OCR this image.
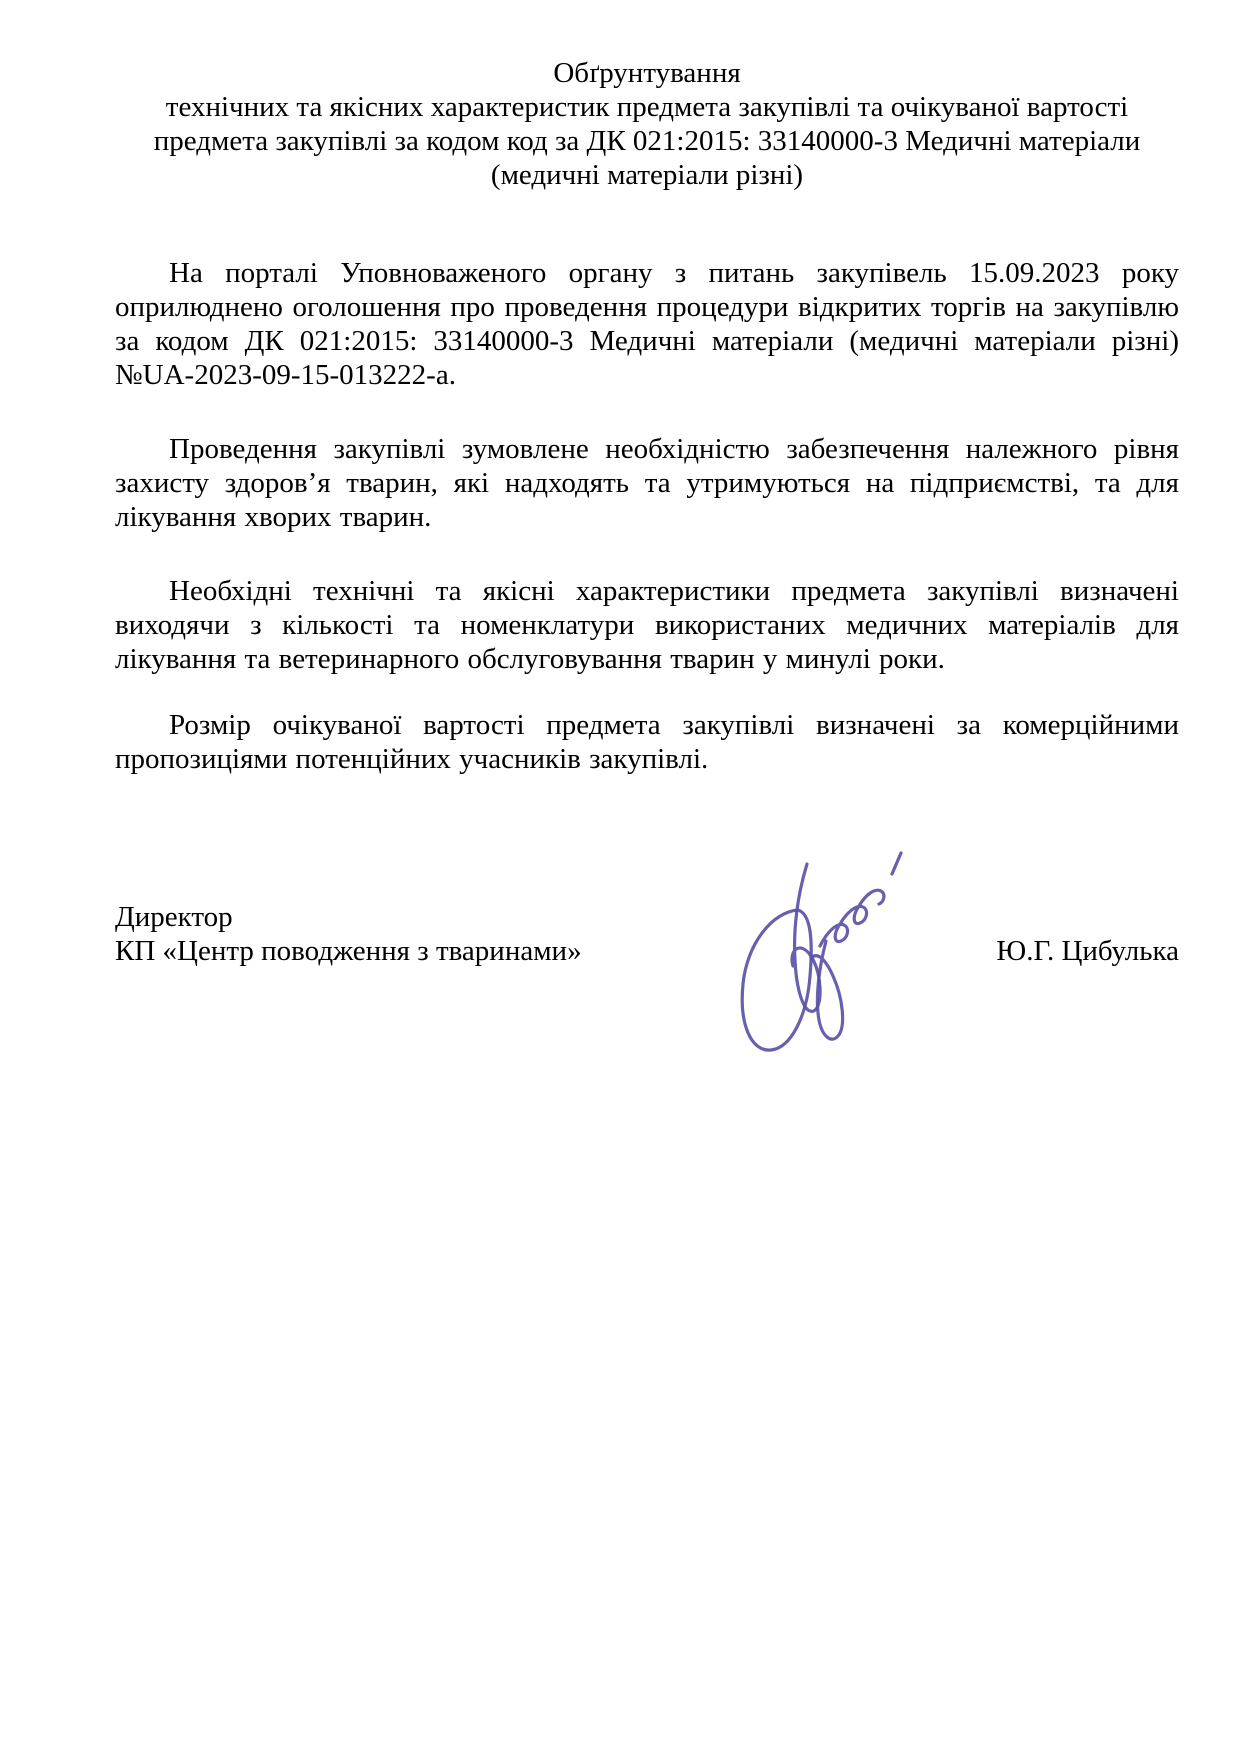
Обґрунтування
технічних та якісних характеристик предмета закупівлі та очікуваної вартості
предмета закупівлі за кодом код за ДК 021:2015: 33140000-3 Медичні матеріали
(медичні матеріали різні)

На порталі Уповноваженого органу з питань закупівель 15.09.2023 року оприлюднено оголошення про проведення процедури відкритих торгів на закупівлю за кодом ДК 021:2015: 33140000-3 Медичні матеріали (медичні матеріали різні) №UA-2023-09-15-013222-а.

Проведення закупівлі зумовлене необхідністю забезпечення належного рівня захисту здоров’я тварин, які надходять та утримуються на підприємстві, та для лікування хворих тварин.

Необхідні технічні та якісні характеристики предмета закупівлі визначені виходячи з кількості та номенклатури використаних медичних матеріалів для лікування та ветеринарного обслуговування тварин у минулі роки.

Розмір очікуваної вартості предмета закупівлі визначені за комерційними пропозиціями потенційних учасників закупівлі.

Директор
КП «Центр поводження з тваринами»	Ю.Г. Цибулька
